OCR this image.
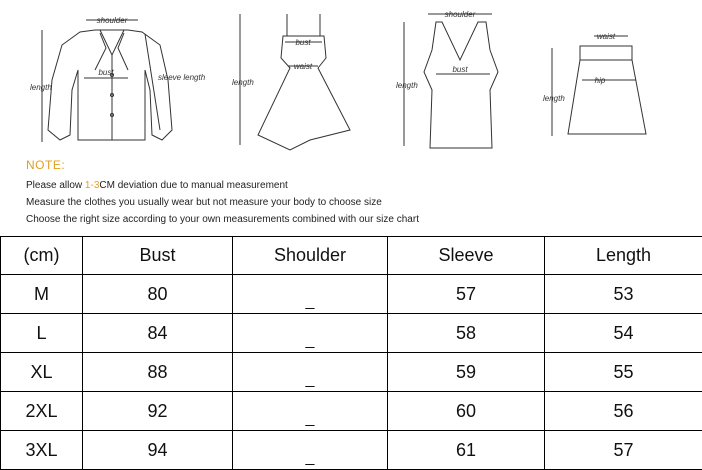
shoulder
bust
sleeve length
length
bust
waist
length
shoulder
bust
length
waist
hip
length
NOTE:
Please allow 1-3CM deviation due to manual measurement
Measure the clothes you usually wear but not measure your body to choose size
Choose the right size according to your own measurements combined with our size chart
(cm)	Bust	Shoulder	Sleeve	Length
M	80	_	57	53
L	84	_	58	54
XL	88	_	59	55
2XL	92	_	60	56
3XL	94	_	61	57
